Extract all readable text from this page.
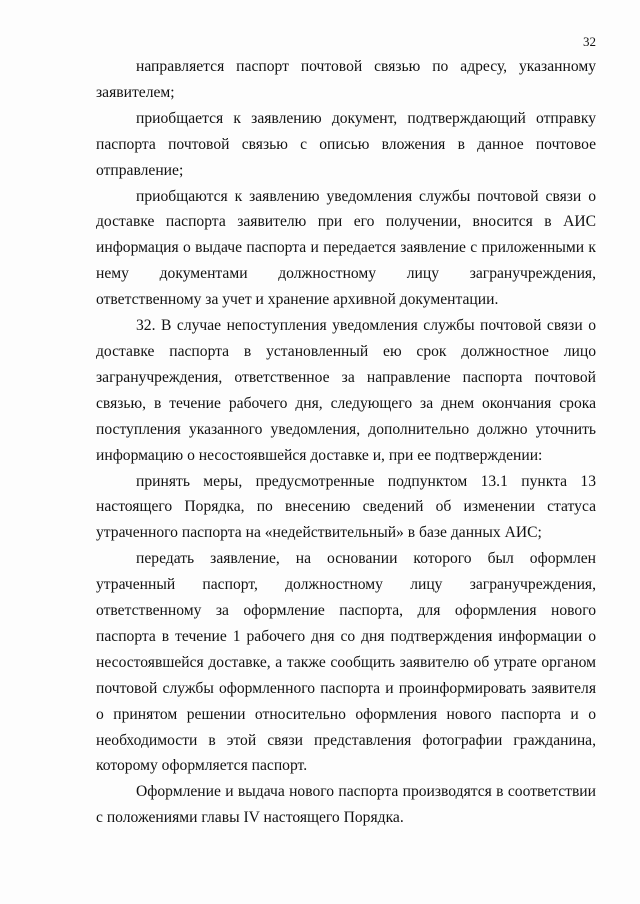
32

направляется паспорт почтовой связью по адресу, указанному заявителем;

приобщается к заявлению документ, подтверждающий отправку паспорта почтовой связью с описью вложения в данное почтовое отправление;

приобщаются к заявлению уведомления службы почтовой связи о доставке паспорта заявителю при его получении, вносится в АИС информация о выдаче паспорта и передается заявление с приложенными к нему документами должностному лицу загранучреждения, ответственному за учет и хранение архивной документации.

32. В случае непоступления уведомления службы почтовой связи о доставке паспорта в установленный ею срок должностное лицо загранучреждения, ответственное за направление паспорта почтовой связью, в течение рабочего дня, следующего за днем окончания срока поступления указанного уведомления, дополнительно должно уточнить информацию о несостоявшейся доставке и, при ее подтверждении:

принять меры, предусмотренные подпунктом 13.1 пункта 13 настоящего Порядка, по внесению сведений об изменении статуса утраченного паспорта на «недействительный» в базе данных АИС;

передать заявление, на основании которого был оформлен утраченный паспорт, должностному лицу загранучреждения, ответственному за оформление паспорта, для оформления нового паспорта в течение 1 рабочего дня со дня подтверждения информации о несостоявшейся доставке, а также сообщить заявителю об утрате органом почтовой службы оформленного паспорта и проинформировать заявителя о принятом решении относительно оформления нового паспорта и о необходимости в этой связи представления фотографии гражданина, которому оформляется паспорт.

Оформление и выдача нового паспорта производятся в соответствии с положениями главы IV настоящего Порядка.
